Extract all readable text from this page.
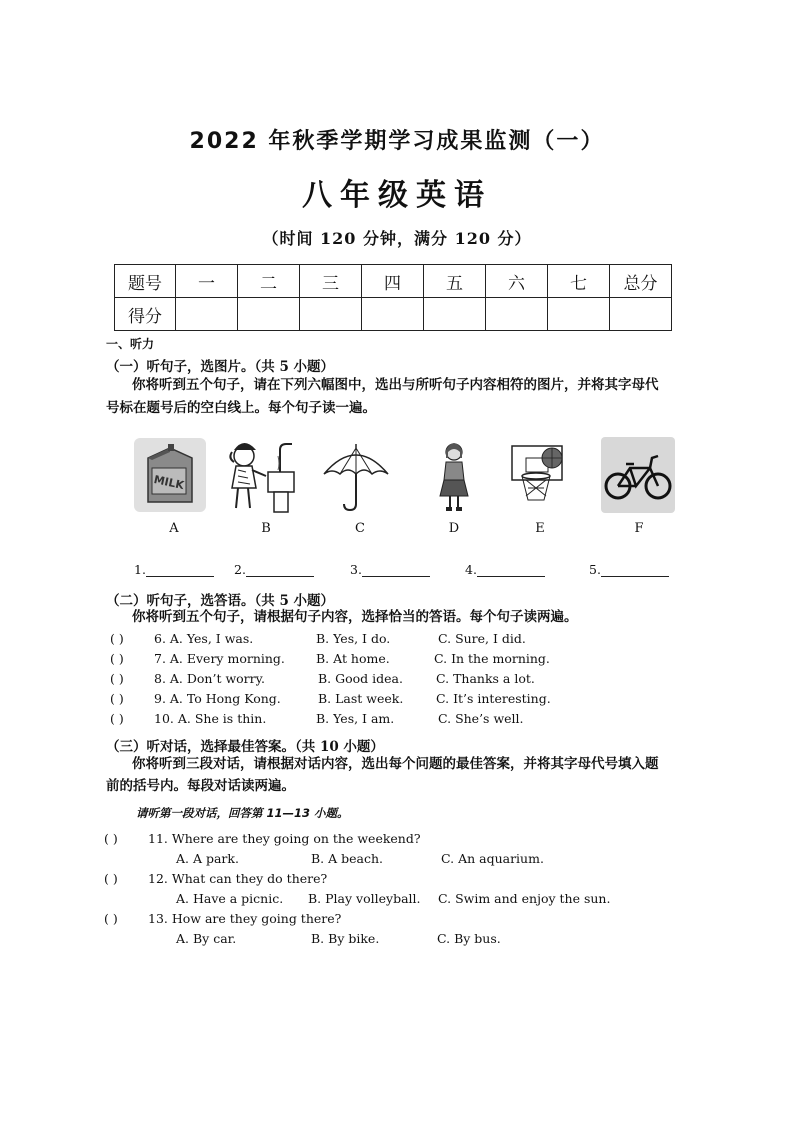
2022 年秋季学期学习成果监测（一）
八年级英语
（时间 120 分钟，满分 120 分）
题号	一	二	三	四	五	六	七	总分
得分								
一、听力
（一）听句子，选图片。（共 5 小题）
你将听到五个句子，请在下列六幅图中，选出与所听句子内容相符的图片，并将其字母代
号标在题号后的空白线上。每个句子读一遍。
MILK
A	B	C	D	E	F
1.	2.	3.	4.	5.
（二）听句子，选答语。（共 5 小题）
你将听到五个句子，请根据句子内容，选择恰当的答语。每个句子读两遍。
( ) 6. A. Yes, I was.	B. Yes, I do.	C. Sure, I did.
( ) 7. A. Every morning. B. At home.	C. In the morning.
( ) 8. A. Don’t worry.	B. Good idea.	C. Thanks a lot.
( ) 9. A. To Hong Kong.	B. Last week.	C. It’s interesting.
( ) 10. A. She is thin.	B. Yes, I am.	C. She’s well.
（三）听对话，选择最佳答案。（共 10 小题）
你将听到三段对话，请根据对话内容，选出每个问题的最佳答案，并将其字母代号填入题
前的括号内。每段对话读两遍。
请听第一段对话，回答第 11—13 小题。
( ) 11. Where are they going on the weekend?
A. A park.	B. A beach.	C. An aquarium.
( ) 12. What can they do there?
A. Have a picnic. B. Play volleyball. C. Swim and enjoy the sun.
( ) 13. How are they going there?
A. By car.	B. By bike.	C. By bus.
